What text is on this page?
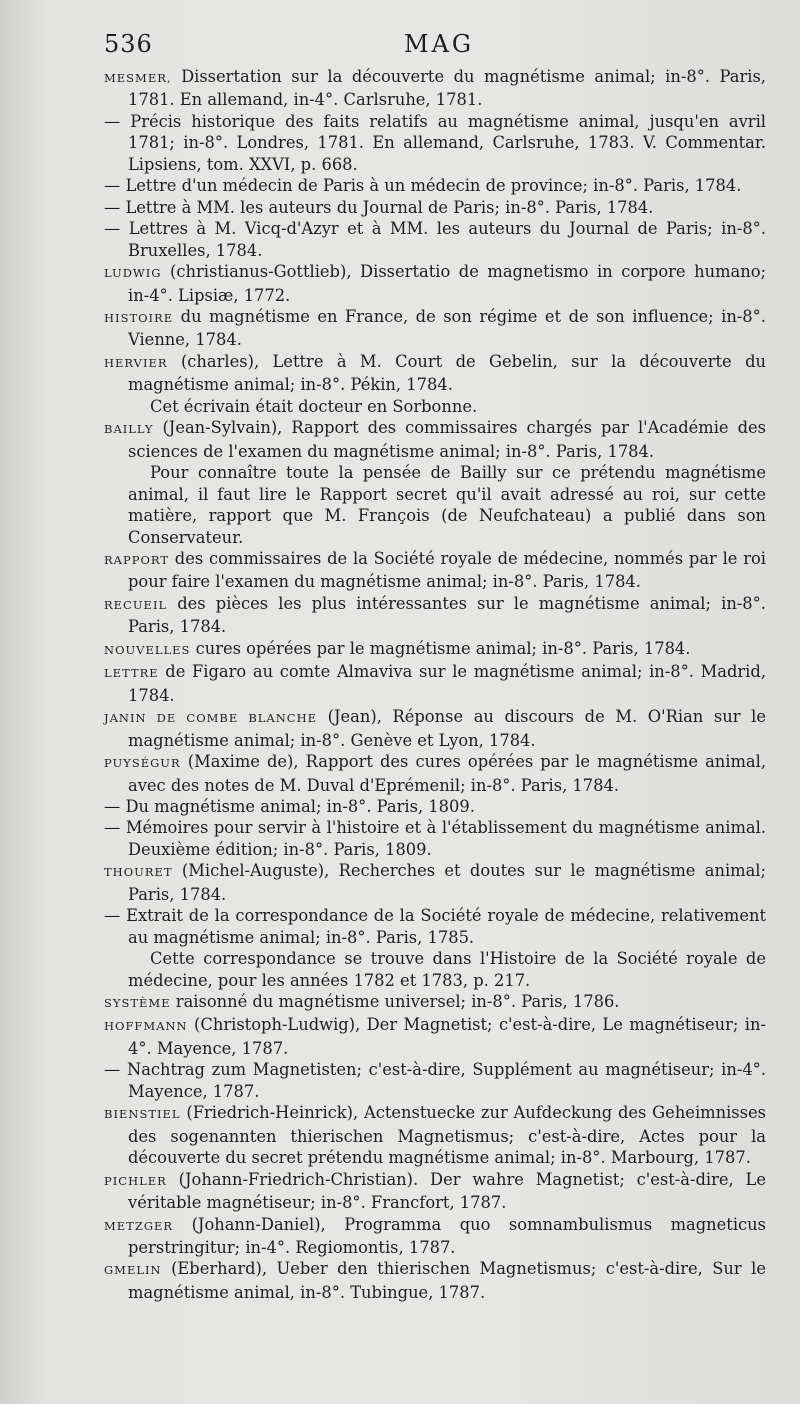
536	MAG

MESMER, Dissertation sur la découverte du magnétisme animal; in-8°. Paris, 1781. En allemand, in-4°. Carlsruhe, 1781.

— Précis historique des faits relatifs au magnétisme animal, jusqu'en avril 1781; in-8°. Londres, 1781. En allemand, Carlsruhe, 1783. V. Commentar. Lipsiens, tom. XXVI, p. 668.

— Lettre d'un médecin de Paris à un médecin de province; in-8°. Paris, 1784.

— Lettre à MM. les auteurs du Journal de Paris; in-8°. Paris, 1784.

— Lettres à M. Vicq-d'Azyr et à MM. les auteurs du Journal de Paris; in-8°. Bruxelles, 1784.

LUDWIG (christianus-Gottlieb), Dissertatio de magnetismo in corpore humano; in-4°. Lipsiæ, 1772.

HISTOIRE du magnétisme en France, de son régime et de son influence; in-8°. Vienne, 1784.

HERVIER (charles), Lettre à M. Court de Gebelin, sur la découverte du magnétisme animal; in-8°. Pékin, 1784.

Cet écrivain était docteur en Sorbonne.

BAILLY (Jean-Sylvain), Rapport des commissaires chargés par l'Académie des sciences de l'examen du magnétisme animal; in-8°. Paris, 1784.

Pour connaître toute la pensée de Bailly sur ce prétendu magnétisme animal, il faut lire le Rapport secret qu'il avait adressé au roi, sur cette matière, rapport que M. François (de Neufchateau) a publié dans son Conservateur.

RAPPORT des commissaires de la Société royale de médecine, nommés par le roi pour faire l'examen du magnétisme animal; in-8°. Paris, 1784.

RECUEIL des pièces les plus intéressantes sur le magnétisme animal; in-8°. Paris, 1784.

NOUVELLES cures opérées par le magnétisme animal; in-8°. Paris, 1784.

LETTRE de Figaro au comte Almaviva sur le magnétisme animal; in-8°. Madrid, 1784.

JANIN DE COMBE BLANCHE (Jean), Réponse au discours de M. O'Rian sur le magnétisme animal; in-8°. Genève et Lyon, 1784.

PUYSÉGUR (Maxime de), Rapport des cures opérées par le magnétisme animal, avec des notes de M. Duval d'Eprémenil; in-8°. Paris, 1784.

— Du magnétisme animal; in-8°. Paris, 1809.

— Mémoires pour servir à l'histoire et à l'établissement du magnétisme animal. Deuxième édition; in-8°. Paris, 1809.

THOURET (Michel-Auguste), Recherches et doutes sur le magnétisme animal; Paris, 1784.

— Extrait de la correspondance de la Société royale de médecine, relativement au magnétisme animal; in-8°. Paris, 1785.

Cette correspondance se trouve dans l'Histoire de la Société royale de médecine, pour les années 1782 et 1783, p. 217.

SYSTÈME raisonné du magnétisme universel; in-8°. Paris, 1786.

HOFFMANN (Christoph-Ludwig), Der Magnetist; c'est-à-dire, Le magnétiseur; in-4°. Mayence, 1787.

— Nachtrag zum Magnetisten; c'est-à-dire, Supplément au magnétiseur; in-4°. Mayence, 1787.

BIENSTIEL (Friedrich-Heinrick), Actenstuecke zur Aufdeckung des Geheimnisses des sogenannten thierischen Magnetismus; c'est-à-dire, Actes pour la découverte du secret prétendu magnétisme animal; in-8°. Marbourg, 1787.

PICHLER (Johann-Friedrich-Christian). Der wahre Magnetist; c'est-à-dire, Le véritable magnétiseur; in-8°. Francfort, 1787.

METZGER (Johann-Daniel), Programma quo somnambulismus magneticus perstringitur; in-4°. Regiomontis, 1787.

GMELIN (Eberhard), Ueber den thierischen Magnetismus; c'est-à-dire, Sur le magnétisme animal, in-8°. Tubingue, 1787.
